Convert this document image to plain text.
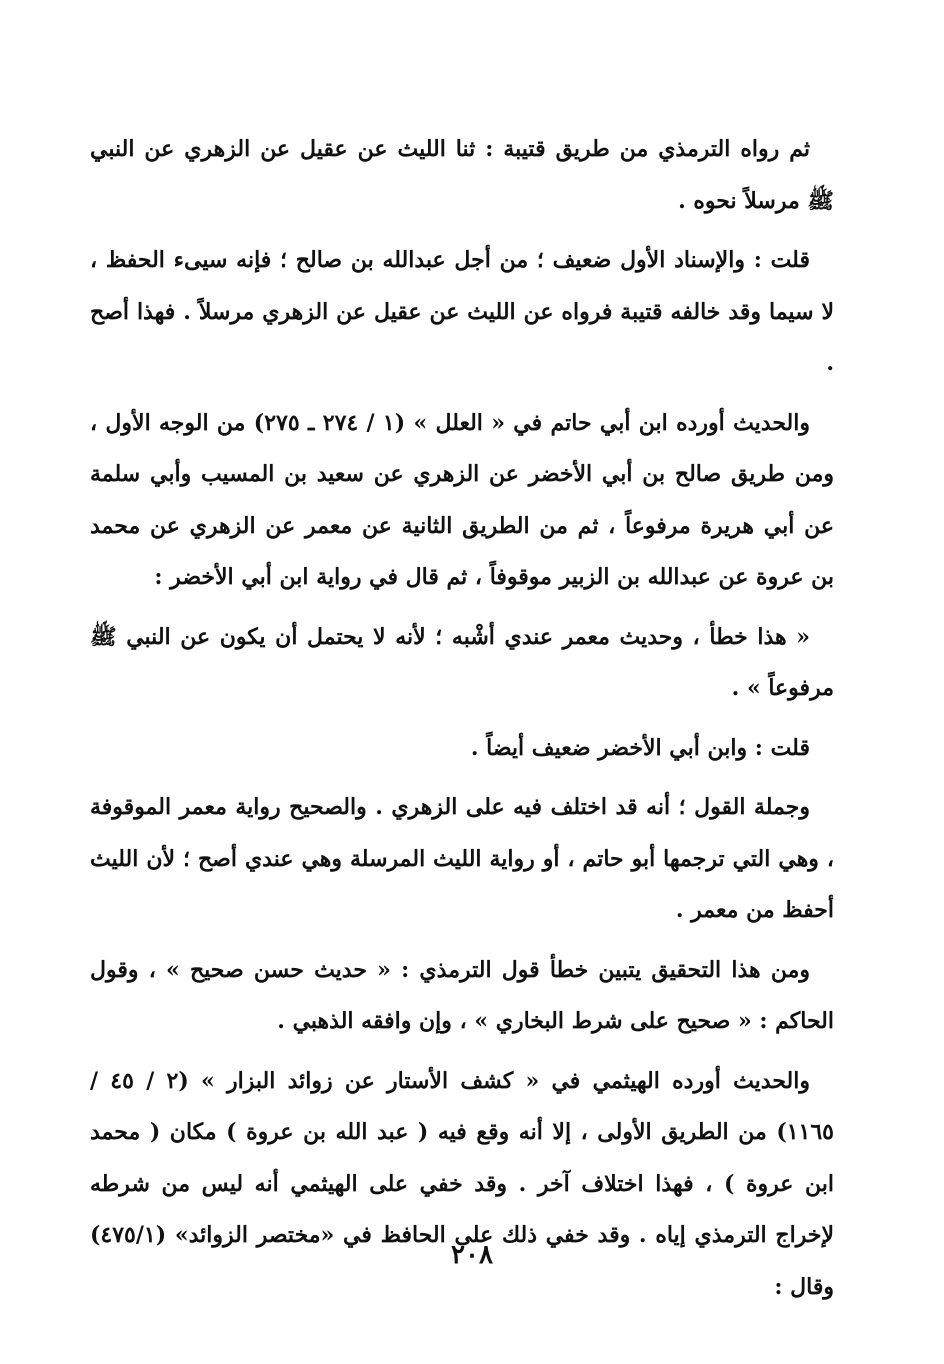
ثم رواه الترمذي من طريق قتيبة : ثنا الليث عن عقيل عن الزهري عن النبي ﷺ مرسلاً نحوه .

قلت : والإسناد الأول ضعيف ؛ من أجل عبدالله بن صالح ؛ فإنه سيىء الحفظ ، لا سيما وقد خالفه قتيبة فرواه عن الليث عن عقيل عن الزهري مرسلاً . فهذا أصح .

والحديث أورده ابن أبي حاتم في « العلل » (١ / ٢٧٤ ـ ٢٧٥) من الوجه الأول ، ومن طريق صالح بن أبي الأخضر عن الزهري عن سعيد بن المسيب وأبي سلمة عن أبي هريرة مرفوعاً ، ثم من الطريق الثانية عن معمر عن الزهري عن محمد بن عروة عن عبدالله بن الزبير موقوفاً ، ثم قال في رواية ابن أبي الأخضر :

« هذا خطأ ، وحديث معمر عندي أشْبه ؛ لأنه لا يحتمل أن يكون عن النبي ﷺ مرفوعاً » .

قلت : وابن أبي الأخضر ضعيف أيضاً .

وجملة القول ؛ أنه قد اختلف فيه على الزهري . والصحيح رواية معمر الموقوفة ، وهي التي ترجمها أبو حاتم ، أو رواية الليث المرسلة وهي عندي أصح ؛ لأن الليث أحفظ من معمر .

ومن هذا التحقيق يتبين خطأ قول الترمذي : « حديث حسن صحيح » ، وقول الحاكم : « صحيح على شرط البخاري » ، وإن وافقه الذهبي .

والحديث أورده الهيثمي في « كشف الأستار عن زوائد البزار » (٢ / ٤٥ / ١١٦٥) من الطريق الأولى ، إلا أنه وقع فيه ( عبد الله بن عروة ) مكان ( محمد ابن عروة ) ، فهذا اختلاف آخر . وقد خفي على الهيثمي أنه ليس من شرطه لإخراج الترمذي إياه . وقد خفي ذلك على الحافظ في «مختصر الزوائد» (٤٧٥/١) وقال :

٢٠٨
